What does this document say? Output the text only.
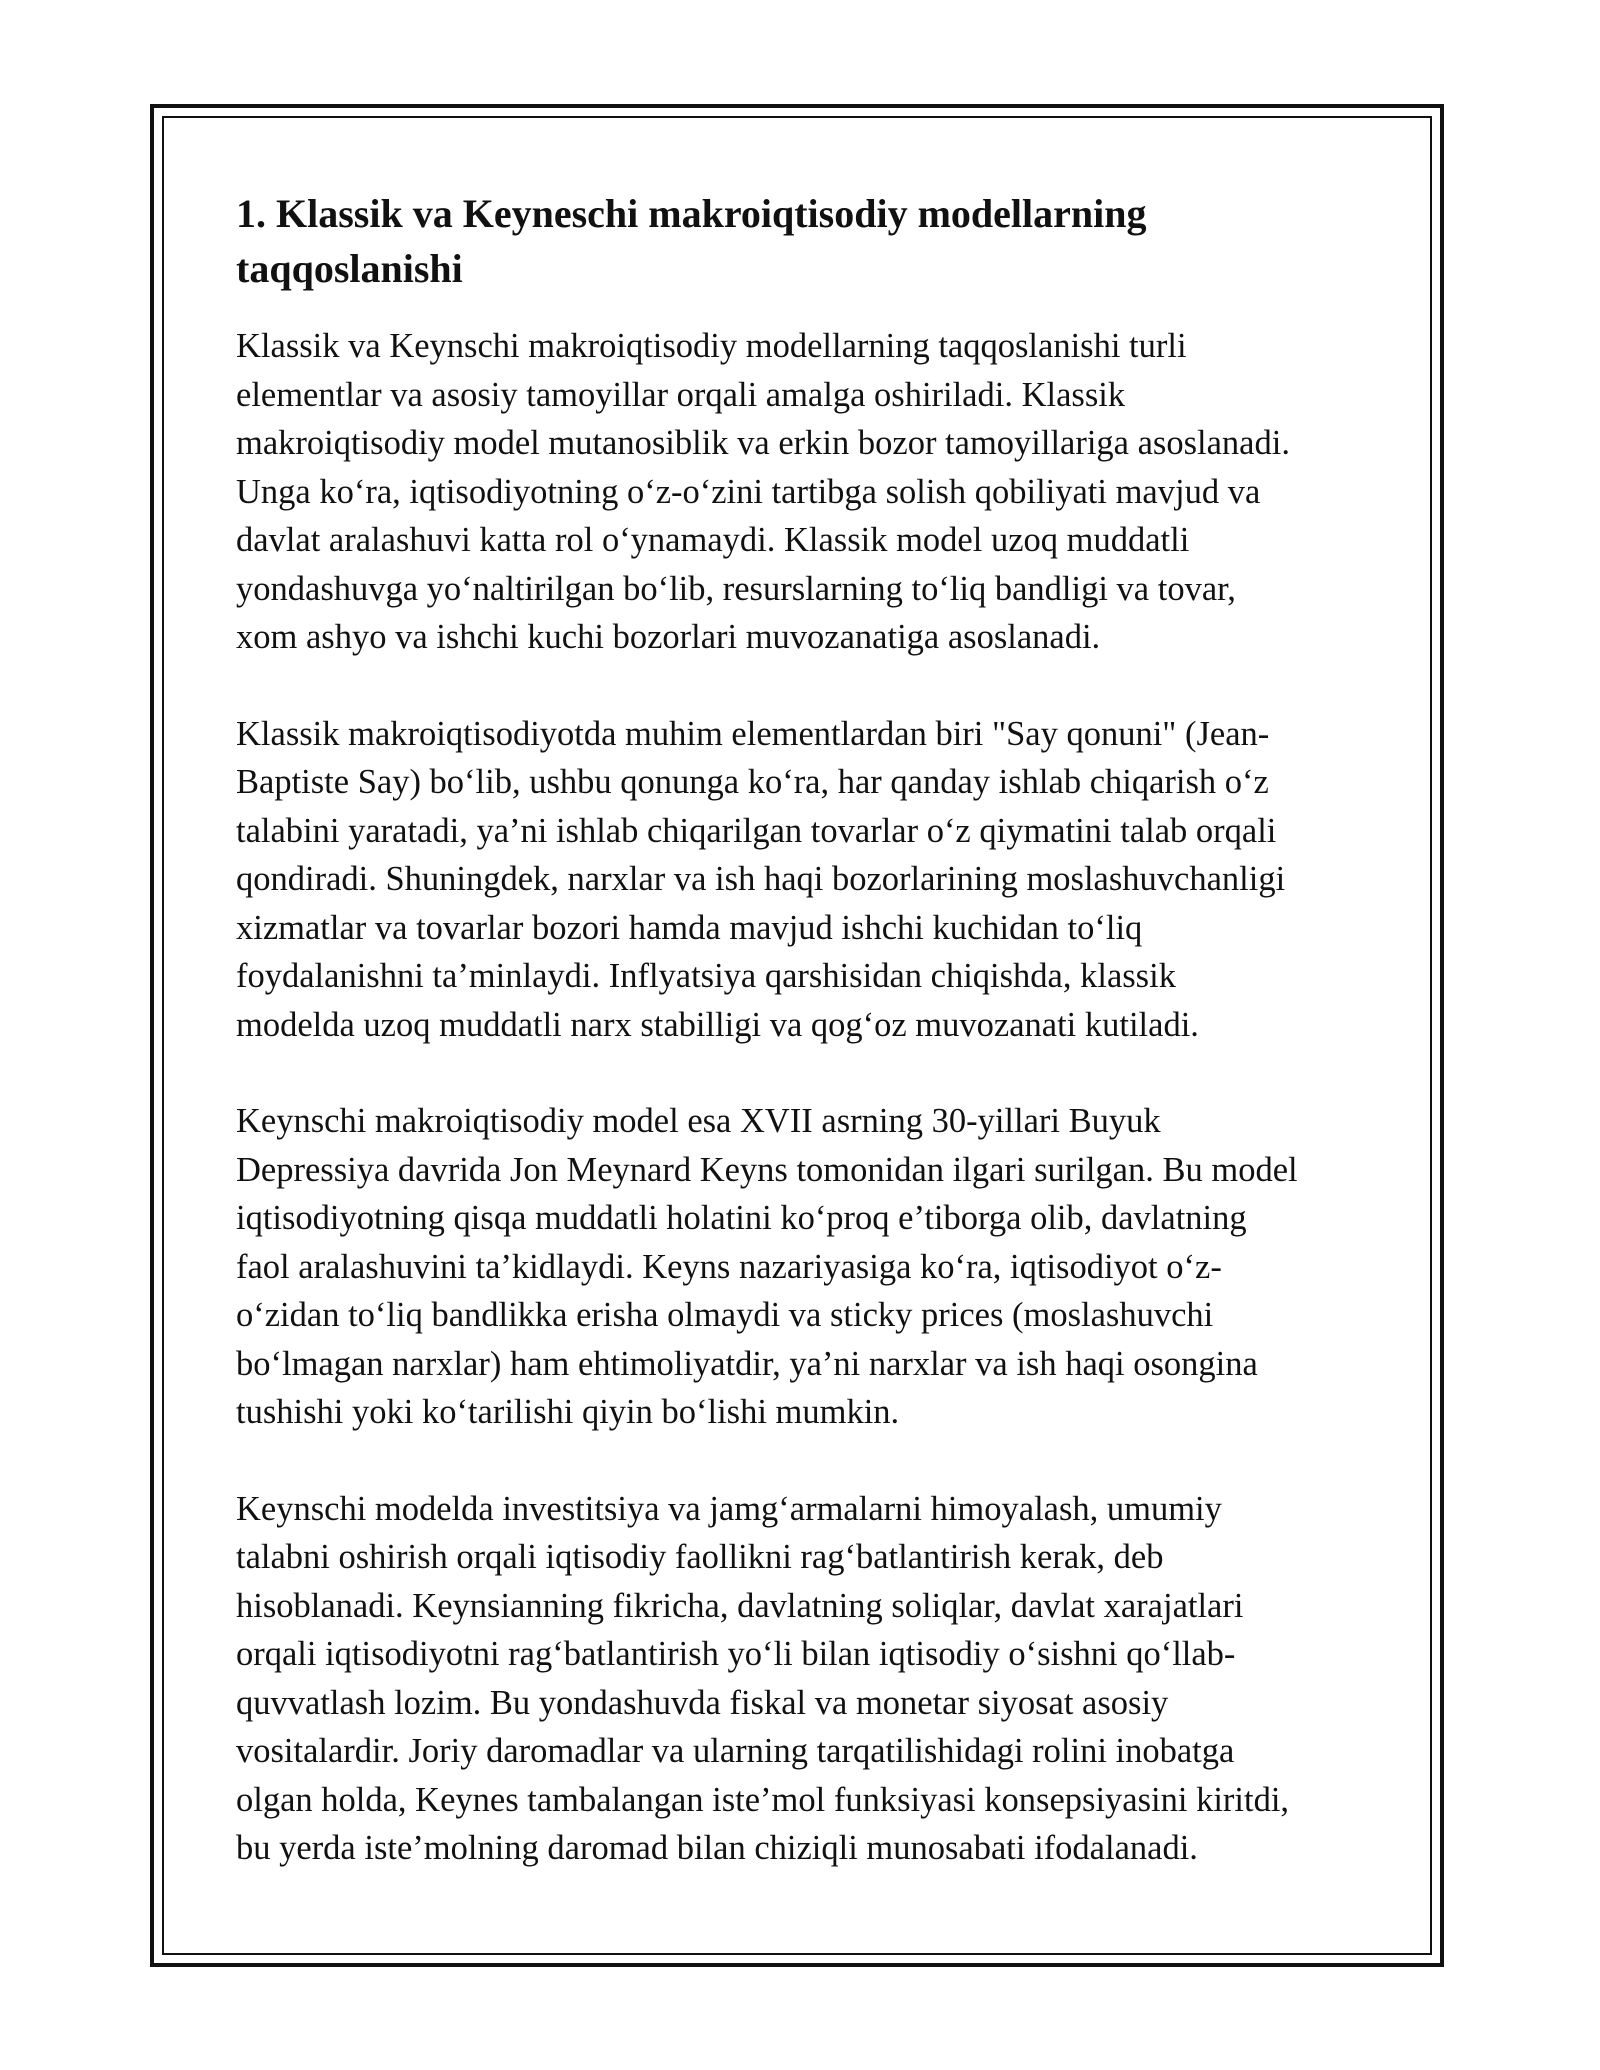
1. Klassik va Keyneschi makroiqtisodiy modellarning
taqqoslanishi

Klassik va Keynschi makroiqtisodiy modellarning taqqoslanishi turli
elementlar va asosiy tamoyillar orqali amalga oshiriladi. Klassik
makroiqtisodiy model mutanosiblik va erkin bozor tamoyillariga asoslanadi.
Unga ko‘ra, iqtisodiyotning o‘z-o‘zini tartibga solish qobiliyati mavjud va
davlat aralashuvi katta rol o‘ynamaydi. Klassik model uzoq muddatli
yondashuvga yo‘naltirilgan bo‘lib, resurslarning to‘liq bandligi va tovar,
xom ashyo va ishchi kuchi bozorlari muvozanatiga asoslanadi.

Klassik makroiqtisodiyotda muhim elementlardan biri "Say qonuni" (Jean-
Baptiste Say) bo‘lib, ushbu qonunga ko‘ra, har qanday ishlab chiqarish o‘z
talabini yaratadi, ya’ni ishlab chiqarilgan tovarlar o‘z qiymatini talab orqali
qondiradi. Shuningdek, narxlar va ish haqi bozorlarining moslashuvchanligi
xizmatlar va tovarlar bozori hamda mavjud ishchi kuchidan to‘liq
foydalanishni ta’minlaydi. Inflyatsiya qarshisidan chiqishda, klassik
modelda uzoq muddatli narx stabilligi va qog‘oz muvozanati kutiladi.

Keynschi makroiqtisodiy model esa XVII asrning 30-yillari Buyuk
Depressiya davrida Jon Meynard Keyns tomonidan ilgari surilgan. Bu model
iqtisodiyotning qisqa muddatli holatini ko‘proq e’tiborga olib, davlatning
faol aralashuvini ta’kidlaydi. Keyns nazariyasiga ko‘ra, iqtisodiyot o‘z-
o‘zidan to‘liq bandlikka erisha olmaydi va sticky prices (moslashuvchi
bo‘lmagan narxlar) ham ehtimoliyatdir, ya’ni narxlar va ish haqi osongina
tushishi yoki ko‘tarilishi qiyin bo‘lishi mumkin.

Keynschi modelda investitsiya va jamg‘armalarni himoyalash, umumiy
talabni oshirish orqali iqtisodiy faollikni rag‘batlantirish kerak, deb
hisoblanadi. Keynsianning fikricha, davlatning soliqlar, davlat xarajatlari
orqali iqtisodiyotni rag‘batlantirish yo‘li bilan iqtisodiy o‘sishni qo‘llab-
quvvatlash lozim. Bu yondashuvda fiskal va monetar siyosat asosiy
vositalardir. Joriy daromadlar va ularning tarqatilishidagi rolini inobatga
olgan holda, Keynes tambalangan iste’mol funksiyasi konsepsiyasini kiritdi,
bu yerda iste’molning daromad bilan chiziqli munosabati ifodalanadi.
